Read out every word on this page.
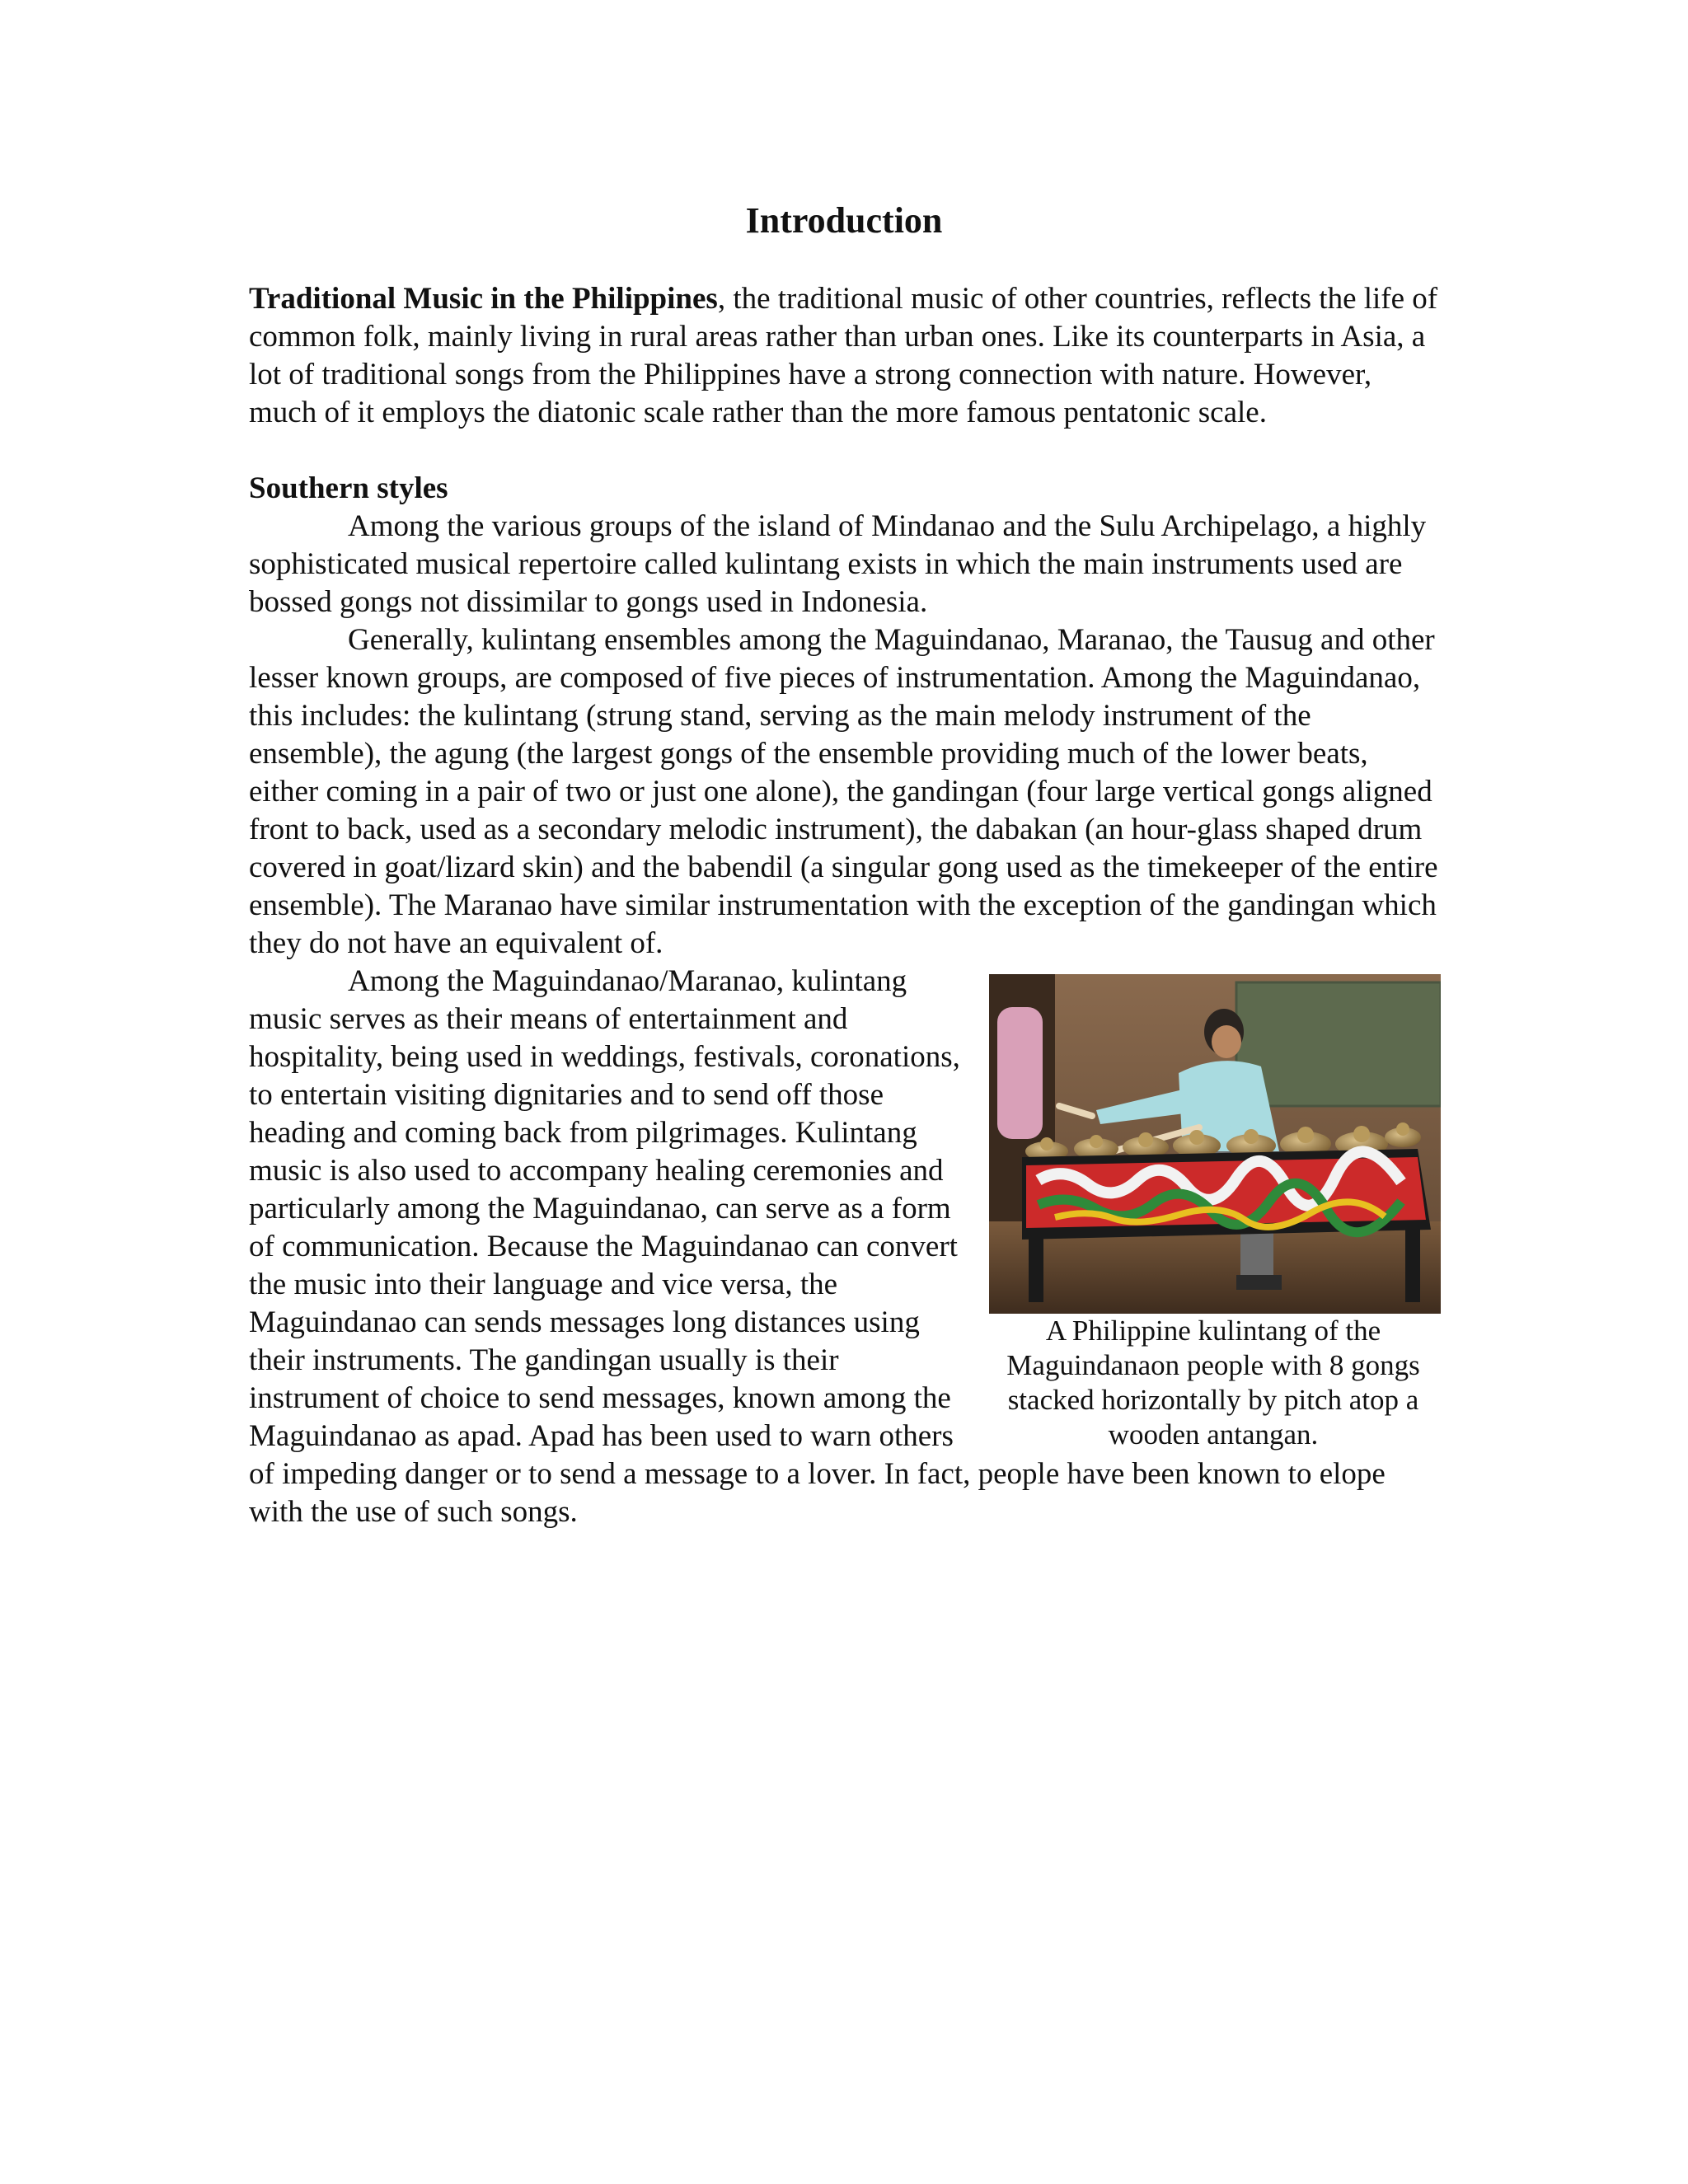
Introduction

Traditional Music in the Philippines, the traditional music of other countries, reflects the life of common folk, mainly living in rural areas rather than urban ones. Like its counterparts in Asia, a lot of traditional songs from the Philippines have a strong connection with nature. However, much of it employs the diatonic scale rather than the more famous pentatonic scale.

Southern styles

Among the various groups of the island of Mindanao and the Sulu Archipelago, a highly sophisticated musical repertoire called kulintang exists in which the main instruments used are bossed gongs not dissimilar to gongs used in Indonesia.

Generally, kulintang ensembles among the Maguindanao, Maranao, the Tausug and other lesser known groups, are composed of five pieces of instrumentation. Among the Maguindanao, this includes: the kulintang (strung stand, serving as the main melody instrument of the ensemble), the agung (the largest gongs of the ensemble providing much of the lower beats, either coming in a pair of two or just one alone), the gandingan (four large vertical gongs aligned front to back, used as a secondary melodic instrument), the dabakan (an hour-glass shaped drum covered in goat/lizard skin) and the babendil (a singular gong used as the timekeeper of the entire ensemble). The Maranao have similar instrumentation with the exception of the gandingan which they do not have an equivalent of.

A Philippine kulintang of the Maguindanaon people with 8 gongs stacked horizontally by pitch atop a wooden antangan.

Among the Maguindanao/Maranao, kulintang music serves as their means of entertainment and hospitality, being used in weddings, festivals, coronations, to entertain visiting dignitaries and to send off those heading and coming back from pilgrimages. Kulintang music is also used to accompany healing ceremonies and particularly among the Maguindanao, can serve as a form of communication. Because the Maguindanao can convert the music into their language and vice versa, the Maguindanao can sends messages long distances using their instruments. The gandingan usually is their instrument of choice to send messages, known among the Maguindanao as apad. Apad has been used to warn others of impeding danger or to send a message to a lover. In fact, people have been known to elope with the use of such songs.
